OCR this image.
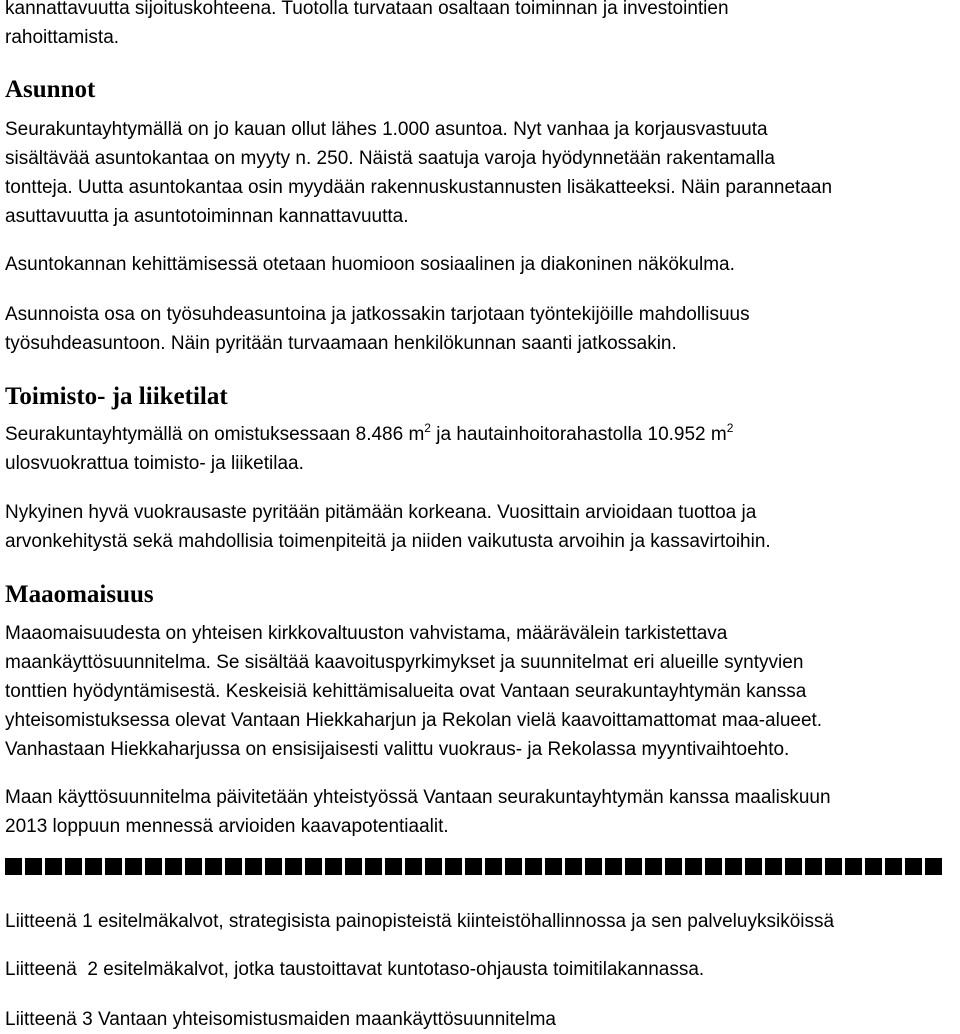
kannattavuutta sijoituskohteena. Tuotolla turvataan osaltaan toiminnan ja investointien
rahoittamista.
Asunnot
Seurakuntayhtymällä on jo kauan ollut lähes 1.000 asuntoa. Nyt vanhaa ja korjausvastuuta
sisältävää asuntokantaa on myyty n. 250. Näistä saatuja varoja hyödynnetään rakentamalla
tontteja. Uutta asuntokantaa osin myydään rakennuskustannusten lisäkatteeksi. Näin parannetaan
asuttavuutta ja asuntotoiminnan kannattavuutta.
Asuntokannan kehittämisessä otetaan huomioon sosiaalinen ja diakoninen näkökulma.
Asunnoista osa on työsuhdeasuntoina ja jatkossakin tarjotaan työntekijöille mahdollisuus
työsuhdeasuntoon. Näin pyritään turvaamaan henkilökunnan saanti jatkossakin.
Toimisto- ja liiketilat
Seurakuntayhtymällä on omistuksessaan 8.486 $m^2$ ja hautainhoitorahastolla 10.952 $m^2$
ulosvuokrattua toimisto- ja liiketilaa.
Nykyinen hyvä vuokrausaste pyritään pitämään korkeana. Vuosittain arvioidaan tuottoa ja
arvonkehitystä sekä mahdollisia toimenpiteitä ja niiden vaikutusta arvoihin ja kassavirtoihin.
Maaomaisuus
Maaomaisuudesta on yhteisen kirkkovaltuuston vahvistama, määrävälein tarkistettava
maankäyttösuunnitelma. Se sisältää kaavoituspyrkimykset ja suunnitelmat eri alueille syntyvien
tonttien hyödyntämisestä. Keskeisiä kehittämisalueita ovat Vantaan seurakuntayhtymän kanssa
yhteisomistuksessa olevat Vantaan Hiekkaharjun ja Rekolan vielä kaavoittamattomat maa-alueet.
Vanhastaan Hiekkaharjussa on ensisijaisesti valittu vuokraus- ja Rekolassa myyntivaihtoehto.
Maan käyttösuunnitelma päivitetään yhteistyössä Vantaan seurakuntayhtymän kanssa maaliskuun
2013 loppuun mennessä arvioiden kaavapotentiaalit.
Liitteenä 1 esitelmäkalvot, strategisista painopisteistä kiinteistöhallinnossa ja sen palveluyksiköissä
Liitteenä  2 esitelmäkalvot, jotka taustoittavat kuntotaso-ohjausta toimitilakannassa.
Liitteenä 3 Vantaan yhteisomistusmaiden maankäyttösuunnitelma
